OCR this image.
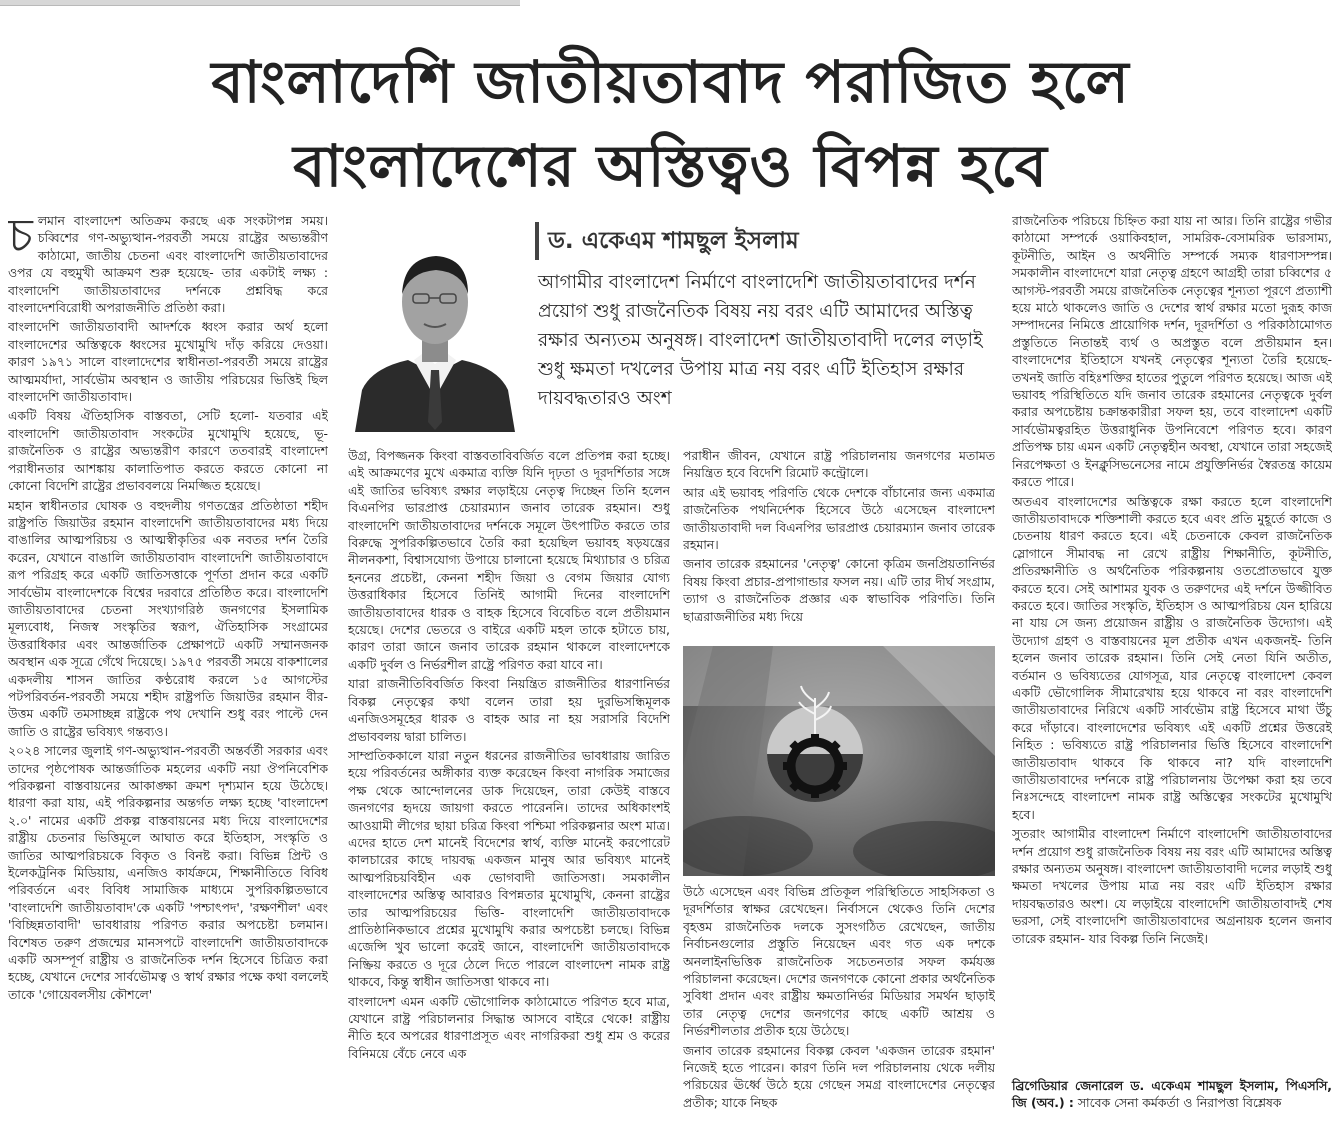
বাংলাদেশি জাতীয়তাবাদ পরাজিত হলে
বাংলাদেশের অস্তিত্বও বিপন্ন হবে

চলমান বাংলাদেশ অতিক্রম করছে এক সংকটাপন্ন সময়। চব্বিশের গণ-অভ্যুত্থান-পরবর্তী সময়ে রাষ্ট্রের অভ্যন্তরীণ কাঠামো, জাতীয় চেতনা এবং বাংলাদেশি জাতীয়তাবাদের ওপর যে বহুমুখী আক্রমণ শুরু হয়েছে- তার একটাই লক্ষ্য : বাংলাদেশি জাতীয়তাবাদের দর্শনকে প্রশ্নবিদ্ধ করে বাংলাদেশবিরোধী অপরাজনীতি প্রতিষ্ঠা করা।

বাংলাদেশি জাতীয়তাবাদী আদর্শকে ধ্বংস করার অর্থ হলো বাংলাদেশের অস্তিত্বকে ধ্বংসের মুখোমুখি দাঁড় করিয়ে দেওয়া। কারণ ১৯৭১ সালে বাংলাদেশের স্বাধীনতা-পরবর্তী সময়ে রাষ্ট্রের আত্মমর্যাদা, সার্বভৌম অবস্থান ও জাতীয় পরিচয়ের ভিত্তিই ছিল বাংলাদেশি জাতীয়তাবাদ।

একটি বিষয় ঐতিহাসিক বাস্তবতা, সেটি হলো- যতবার এই বাংলাদেশি জাতীয়তাবাদ সংকটের মুখোমুখি হয়েছে, ভূ-রাজনৈতিক ও রাষ্ট্রের অভ্যন্তরীণ কারণে ততবারই বাংলাদেশ পরাধীনতার আশঙ্কায় কালাতিপাত করতে করতে কোনো না কোনো বিদেশি রাষ্ট্রের প্রভাববলয়ে নিমজ্জিত হয়েছে।

মহান স্বাধীনতার ঘোষক ও বহুদলীয় গণতন্ত্রের প্রতিষ্ঠাতা শহীদ রাষ্ট্রপতি জিয়াউর রহমান বাংলাদেশি জাতীয়তাবাদের মধ্য দিয়ে বাঙালির আত্মপরিচয় ও আত্মস্বীকৃতির এক নবতর দর্শন তৈরি করেন, যেখানে বাঙালি জাতীয়তাবাদ বাংলাদেশি জাতীয়তাবাদে রূপ পরিগ্রহ করে একটি জাতিসত্তাকে পূর্ণতা প্রদান করে একটি সার্বভৌম বাংলাদেশকে বিশ্বের দরবারে প্রতিষ্ঠিত করে। বাংলাদেশি জাতীয়তাবাদের চেতনা সংখ্যাগরিষ্ঠ জনগণের ইসলামিক মূল্যবোধ, নিজস্ব সংস্কৃতির স্বরূপ, ঐতিহাসিক সংগ্রামের উত্তরাধিকার এবং আন্তর্জাতিক প্রেক্ষাপটে একটি সম্মানজনক অবস্থান এক সূত্রে গেঁথে দিয়েছে। ১৯৭৫ পরবর্তী সময়ে বাকশালের একদলীয় শাসন জাতির কণ্ঠরোধ করলে ১৫ আগস্টের পটপরিবর্তন-পরবর্তী সময়ে শহীদ রাষ্ট্রপতি জিয়াউর রহমান বীর-উত্তম একটি তমসাচ্ছন্ন রাষ্ট্রকে পথ দেখানি শুধু বরং পাল্টে দেন জাতি ও রাষ্ট্রের ভবিষ্যৎ গন্তব্যও।

২০২৪ সালের জুলাই গণ-অভ্যুত্থান-পরবর্তী অন্তর্বর্তী সরকার এবং তাদের পৃষ্ঠপোষক আন্তর্জাতিক মহলের একটি নয়া ঔপনিবেশিক পরিকল্পনা বাস্তবায়নের আকাঙ্ক্ষা ক্রমশ দৃশ্যমান হয়ে উঠেছে। ধারণা করা যায়, এই পরিকল্পনার অন্তর্গত লক্ষ্য হচ্ছে 'বাংলাদেশ ২.০' নামের একটি প্রকল্প বাস্তবায়নের মধ্য দিয়ে বাংলাদেশের রাষ্ট্রীয় চেতনার ভিত্তিমূলে আঘাত করে ইতিহাস, সংস্কৃতি ও জাতির আত্মপরিচয়কে বিকৃত ও বিনষ্ট করা। বিভিন্ন প্রিন্ট ও ইলেকট্রনিক মিডিয়ায়, এনজিও কার্যক্রমে, শিক্ষানীতিতে বিবিধ পরিবর্তনে এবং বিবিধ সামাজিক মাধ্যমে সুপরিকল্পিতভাবে 'বাংলাদেশি জাতীয়তাবাদ'কে একটি 'পশ্চাৎপদ', 'রক্ষণশীল' এবং 'বিচ্ছিন্নতাবাদী' ভাবধারায় পরিণত করার অপচেষ্টা চলমান। বিশেষত তরুণ প্রজন্মের মানসপটে বাংলাদেশি জাতীয়তাবাদকে একটি অসম্পূর্ণ রাষ্ট্রীয় ও রাজনৈতিক দর্শন হিসেবে চিত্রিত করা হচ্ছে, যেখানে দেশের সার্বভৌমত্ব ও স্বার্থ রক্ষার পক্ষে কথা বললেই তাকে 'গোয়েবলসীয় কৌশলে'

ড. একেএম শামছুল ইসলাম
আগামীর বাংলাদেশ নির্মাণে বাংলাদেশি জাতীয়তাবাদের দর্শন প্রয়োগ শুধু রাজনৈতিক বিষয় নয় বরং এটি আমাদের অস্তিত্ব রক্ষার অন্যতম অনুষঙ্গ। বাংলাদেশ জাতীয়তাবাদী দলের লড়াই শুধু ক্ষমতা দখলের উপায় মাত্র নয় বরং এটি ইতিহাস রক্ষার দায়বদ্ধতারও অংশ

উগ্র, বিপজ্জনক কিংবা বাস্তবতাবিবর্জিত বলে প্রতিপন্ন করা হচ্ছে। এই আক্রমণের মুখে একমাত্র ব্যক্তি যিনি দৃঢ়তা ও দূরদর্শিতার সঙ্গে এই জাতির ভবিষ্যৎ রক্ষার লড়াইয়ে নেতৃত্ব দিচ্ছেন তিনি হলেন বিএনপির ভারপ্রাপ্ত চেয়ারম্যান জনাব তারেক রহমান। শুধু বাংলাদেশি জাতীয়তাবাদের দর্শনকে সমূলে উৎপাটিত করতে তার বিরুদ্ধে সুপরিকল্পিতভাবে তৈরি করা হয়েছিল ভয়াবহ ষড়যন্ত্রের নীলনকশা, বিশ্বাসযোগ্য উপায়ে চালানো হয়েছে মিথ্যাচার ও চরিত্র হননের প্রচেষ্টা, কেননা শহীদ জিয়া ও বেগম জিয়ার যোগ্য উত্তরাধিকার হিসেবে তিনিই আগামী দিনের বাংলাদেশি জাতীয়তাবাদের ধারক ও বাহক হিসেবে বিবেচিত বলে প্রতীয়মান হয়েছে। দেশের ভেতরে ও বাইরে একটি মহল তাকে হটাতে চায়, কারণ তারা জানে জনাব তারেক রহমান থাকলে বাংলাদেশকে একটি দুর্বল ও নির্ভরশীল রাষ্ট্রে পরিণত করা যাবে না।

যারা রাজনীতিবিবর্জিত কিংবা নিয়ন্ত্রিত রাজনীতির ধারণানির্ভর বিকল্প নেতৃত্বের কথা বলেন তারা হয় দুরভিসন্ধিমূলক এনজিওসমূহের ধারক ও বাহক আর না হয় সরাসরি বিদেশি প্রভাববলয় দ্বারা চালিত।

সাম্প্রতিককালে যারা নতুন ধরনের রাজনীতির ভাবধারায় জারিত হয়ে পরিবর্তনের অঙ্গীকার ব্যক্ত করেছেন কিংবা নাগরিক সমাজের পক্ষ থেকে আন্দোলনের ডাক দিয়েছেন, তারা কেউই বাস্তবে জনগণের হৃদয়ে জায়গা করতে পারেননি। তাদের অধিকাংশই আওয়ামী লীগের ছায়া চরিত্র কিংবা পশ্চিমা পরিকল্পনার অংশ মাত্র। এদের হাতে দেশ মানেই বিদেশের স্বার্থ, ব্যক্তি মানেই করপোরেট কালচারের কাছে দায়বদ্ধ একজন মানুষ আর ভবিষ্যৎ মানেই আত্মপরিচয়বিহীন এক ভোগবাদী জাতিসত্তা। সমকালীন বাংলাদেশের অস্তিত্ব আবারও বিপন্নতার মুখোমুখি, কেননা রাষ্ট্রের তার আত্মপরিচয়ের ভিত্তি- বাংলাদেশি জাতীয়তাবাদকে প্রাতিষ্ঠানিকভাবে প্রশ্নের মুখোমুখি করার অপচেষ্টা চলছে। বিভিন্ন এজেন্সি খুব ভালো করেই জানে, বাংলাদেশি জাতীয়তাবাদকে নিষ্ক্রিয় করতে ও দূরে ঠেলে দিতে পারলে বাংলাদেশ নামক রাষ্ট্র থাকবে, কিন্তু স্বাধীন জাতিসত্তা থাকবে না।

বাংলাদেশ এমন একটি ভৌগোলিক কাঠামোতে পরিণত হবে মাত্র, যেখানে রাষ্ট্র পরিচালনার সিদ্ধান্ত আসবে বাইরে থেকে! রাষ্ট্রীয় নীতি হবে অপরের ধারণাপ্রসূত এবং নাগরিকরা শুধু শ্রম ও করের বিনিময়ে বেঁচে নেবে এক

পরাধীন জীবন, যেখানে রাষ্ট্র পরিচালনায় জনগণের মতামত নিয়ন্ত্রিত হবে বিদেশি রিমোট কন্ট্রোলে।

আর এই ভয়াবহ পরিণতি থেকে দেশকে বাঁচানোর জন্য একমাত্র রাজনৈতিক পথনির্দেশক হিসেবে উঠে এসেছেন বাংলাদেশ জাতীয়তাবাদী দল বিএনপির ভারপ্রাপ্ত চেয়ারম্যান জনাব তারেক রহমান।

জনাব তারেক রহমানের 'নেতৃত্ব' কোনো কৃত্রিম জনপ্রিয়তানির্ভর বিষয় কিংবা প্রচার-প্রপাগান্ডার ফসল নয়। এটি তার দীর্ঘ সংগ্রাম, ত্যাগ ও রাজনৈতিক প্রজ্ঞার এক স্বাভাবিক পরিণতি। তিনি ছাত্ররাজনীতির মধ্য দিয়ে

উঠে এসেছেন এবং বিভিন্ন প্রতিকূল পরিস্থিতিতে সাহসিকতা ও দূরদর্শিতার স্বাক্ষর রেখেছেন। নির্বাসনে থেকেও তিনি দেশের বৃহত্তম রাজনৈতিক দলকে সুসংগঠিত রেখেছেন, জাতীয় নির্বাচনগুলোর প্রস্তুতি নিয়েছেন এবং গত এক দশকে অনলাইনভিত্তিক রাজনৈতিক সচেতনতার সফল কর্মযজ্ঞ পরিচালনা করেছেন। দেশের জনগণকে কোনো প্রকার অর্থনৈতিক সুবিধা প্রদান এবং রাষ্ট্রীয় ক্ষমতানির্ভর মিডিয়ার সমর্থন ছাড়াই তার নেতৃত্ব দেশের জনগণের কাছে একটি আশ্রয় ও নির্ভরশীলতার প্রতীক হয়ে উঠেছে।

জনাব তারেক রহমানের বিকল্প কেবল 'একজন তারেক রহমান' নিজেই হতে পারেন। কারণ তিনি দল পরিচালনায় থেকে দলীয় পরিচয়ের ঊর্ধ্বে উঠে হয়ে গেছেন সমগ্র বাংলাদেশের নেতৃত্বের প্রতীক; যাকে নিছক

রাজনৈতিক পরিচয়ে চিহ্নিত করা যায় না আর। তিনি রাষ্ট্রের গভীর কাঠামো সম্পর্কে ওয়াকিবহাল, সামরিক-বেসামরিক ভারসাম্য, কূটনীতি, আইন ও অর্থনীতি সম্পর্কে সম্যক ধারণাসম্পন্ন। সমকালীন বাংলাদেশে যারা নেতৃত্ব গ্রহণে আগ্রহী তারা চব্বিশের ৫ আগস্ট-পরবর্তী সময়ে রাজনৈতিক নেতৃত্বের শূন্যতা পূরণে প্রত্যাশী হয়ে মাঠে থাকলেও জাতি ও দেশের স্বার্থ রক্ষার মতো দুরূহ কাজ সম্পাদনের নিমিত্তে প্রায়োগিক দর্শন, দূরদর্শিতা ও পরিকাঠামোগত প্রস্তুতিতে নিতান্তই ব্যর্থ ও অপ্রস্তুত বলে প্রতীয়মান হন। বাংলাদেশের ইতিহাসে যখনই নেতৃত্বের শূন্যতা তৈরি হয়েছে- তখনই জাতি বহিঃশক্তির হাতের পুতুলে পরিণত হয়েছে। আজ এই ভয়াবহ পরিস্থিতিতে যদি জনাব তারেক রহমানের নেতৃত্বকে দুর্বল করার অপচেষ্টায় চক্রান্তকারীরা সফল হয়, তবে বাংলাদেশ একটি সার্বভৌমত্বরহিত উত্তরাধুনিক উপনিবেশে পরিণত হবে। কারণ প্রতিপক্ষ চায় এমন একটি নেতৃত্বহীন অবস্থা, যেখানে তারা সহজেই নিরপেক্ষতা ও ইনক্লুসিভনেসের নামে প্রযুক্তিনির্ভর স্বৈরতন্ত্র কায়েম করতে পারে।

অতএব বাংলাদেশের অস্তিত্বকে রক্ষা করতে হলে বাংলাদেশি জাতীয়তাবাদকে শক্তিশালী করতে হবে এবং প্রতি মুহূর্তে কাজে ও চেতনায় ধারণ করতে হবে। এই চেতনাকে কেবল রাজনৈতিক স্লোগানে সীমাবদ্ধ না রেখে রাষ্ট্রীয় শিক্ষানীতি, কূটনীতি, প্রতিরক্ষানীতি ও অর্থনৈতিক পরিকল্পনায় ওতপ্রোতভাবে যুক্ত করতে হবে। সেই আশামর যুবক ও তরুণদের এই দর্শনে উজ্জীবিত করতে হবে। জাতির সংস্কৃতি, ইতিহাস ও আত্মপরিচয় যেন হারিয়ে না যায় সে জন্য প্রয়োজন রাষ্ট্রীয় ও রাজনৈতিক উদ্যোগ। এই উদ্যোগ গ্রহণ ও বাস্তবায়নের মূল প্রতীক এখন একজনই- তিনি হলেন জনাব তারেক রহমান। তিনি সেই নেতা যিনি অতীত, বর্তমান ও ভবিষ্যতের যোগসূত্র, যার নেতৃত্বে বাংলাদেশ কেবল একটি ভৌগোলিক সীমারেখায় হয়ে থাকবে না বরং বাংলাদেশি জাতীয়তাবাদের নিরিখে একটি সার্বভৌম রাষ্ট্র হিসেবে মাথা উঁচু করে দাঁড়াবে। বাংলাদেশের ভবিষ্যৎ এই একটি প্রশ্নের উত্তরেই নিহিত : ভবিষ্যতে রাষ্ট্র পরিচালনার ভিত্তি হিসেবে বাংলাদেশি জাতীয়তাবাদ থাকবে কি থাকবে না? যদি বাংলাদেশি জাতীয়তাবাদের দর্শনকে রাষ্ট্র পরিচালনায় উপেক্ষা করা হয় তবে নিঃসন্দেহে বাংলাদেশ নামক রাষ্ট্র অস্তিত্বের সংকটের মুখোমুখি হবে।

সুতরাং আগামীর বাংলাদেশ নির্মাণে বাংলাদেশি জাতীয়তাবাদের দর্শন প্রয়োগ শুধু রাজনৈতিক বিষয় নয় বরং এটি আমাদের অস্তিত্ব রক্ষার অন্যতম অনুষঙ্গ। বাংলাদেশ জাতীয়তাবাদী দলের লড়াই শুধু ক্ষমতা দখলের উপায় মাত্র নয় বরং এটি ইতিহাস রক্ষার দায়বদ্ধতারও অংশ। যে লড়াইয়ে বাংলাদেশি জাতীয়তাবাদই শেষ ভরসা, সেই বাংলাদেশি জাতীয়তাবাদের অগ্রনায়ক হলেন জনাব তারেক রহমান- যার বিকল্প তিনি নিজেই।

ব্রিগেডিয়ার জেনারেল ড. একেএম শামছুল ইসলাম, পিএসসি, জি (অব.) : সাবেক সেনা কর্মকর্তা ও নিরাপত্তা বিশ্লেষক
